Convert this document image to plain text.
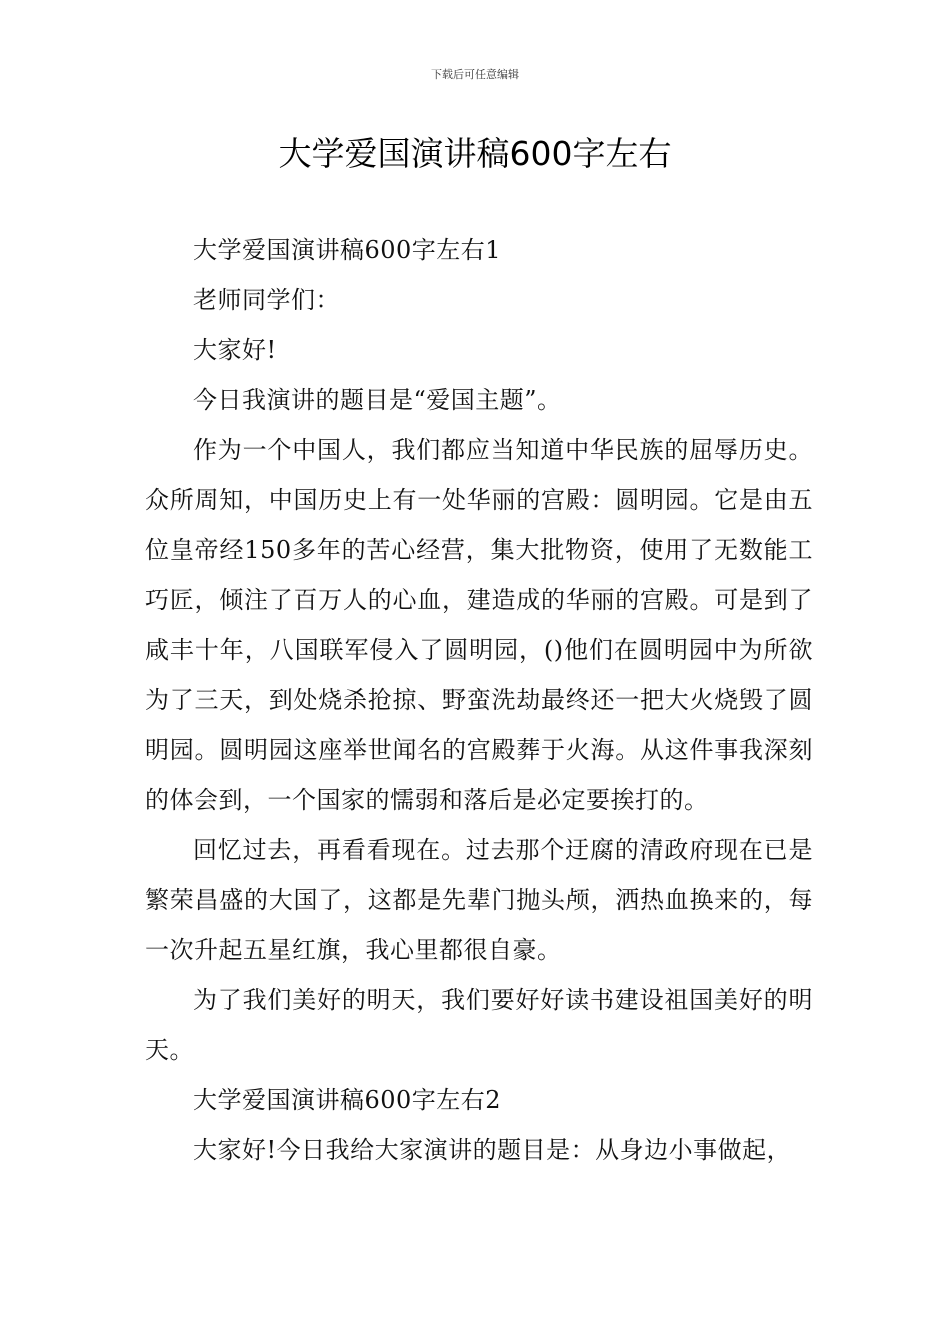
下载后可任意编辑
大学爱国演讲稿600字左右

大学爱国演讲稿600字左右1

老师同学们：

大家好!

今日我演讲的题目是“爱国主题”。

作为一个中国人，我们都应当知道中华民族的屈辱历史。众所周知，中国历史上有一处华丽的宫殿：圆明园。它是由五位皇帝经150多年的苦心经营，集大批物资，使用了无数能工巧匠，倾注了百万人的心血，建造成的华丽的宫殿。可是到了咸丰十年，八国联军侵入了圆明园，()他们在圆明园中为所欲为了三天，到处烧杀抢掠、野蛮洗劫最终还一把大火烧毁了圆明园。圆明园这座举世闻名的宫殿葬于火海。从这件事我深刻的体会到，一个国家的懦弱和落后是必定要挨打的。

回忆过去，再看看现在。过去那个迂腐的清政府现在已是繁荣昌盛的大国了，这都是先辈门抛头颅，洒热血换来的，每一次升起五星红旗，我心里都很自豪。

为了我们美好的明天，我们要好好读书建设祖国美好的明天。

大学爱国演讲稿600字左右2

大家好!今日我给大家演讲的题目是：从身边小事做起，
